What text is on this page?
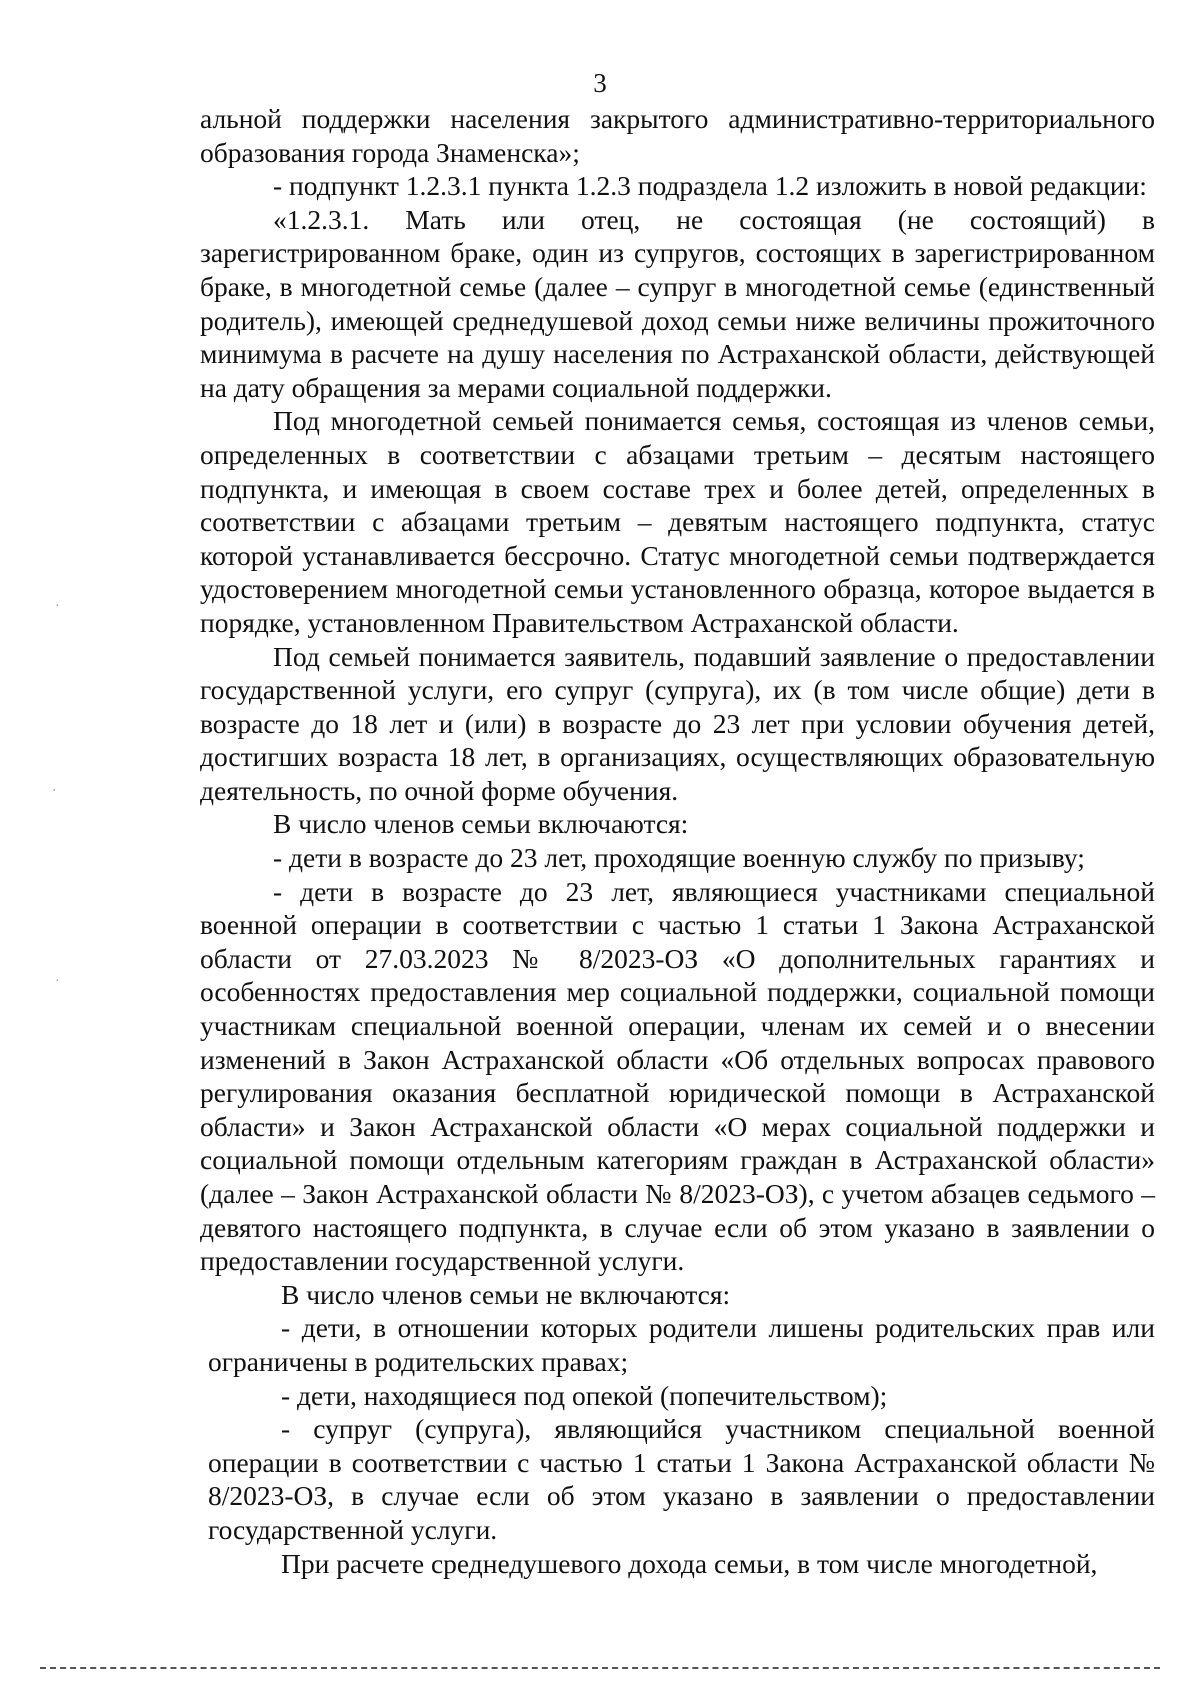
3

альной поддержки населения закрытого административно-территориального образования города Знаменска»;

- подпункт 1.2.3.1 пункта 1.2.3 подраздела 1.2 изложить в новой редакции:

«1.2.3.1. Мать или отец, не состоящая (не состоящий) в зарегистрированном браке, один из супругов, состоящих в зарегистрированном браке, в многодетной семье (далее – супруг в многодетной семье (единственный родитель), имеющей среднедушевой доход семьи ниже величины прожиточного минимума в расчете на душу населения по Астраханской области, действующей на дату обращения за мерами социальной поддержки.

Под многодетной семьей понимается семья, состоящая из членов семьи, определенных в соответствии с абзацами третьим – десятым настоящего подпункта, и имеющая в своем составе трех и более детей, определенных в соответствии с абзацами третьим – девятым настоящего подпункта, статус которой устанавливается бессрочно. Статус многодетной семьи подтверждается удостоверением многодетной семьи установленного образца, которое выдается в порядке, установленном Правительством Астраханской области.

Под семьей понимается заявитель, подавший заявление о предоставлении государственной услуги, его супруг (супруга), их (в том числе общие) дети в возрасте до 18 лет и (или) в возрасте до 23 лет при условии обучения детей, достигших возраста 18 лет, в организациях, осуществляющих образовательную деятельность, по очной форме обучения.

В число членов семьи включаются:

- дети в возрасте до 23 лет, проходящие военную службу по призыву;

- дети в возрасте до 23 лет, являющиеся участниками специальной военной операции в соответствии с частью 1 статьи 1 Закона Астраханской области от 27.03.2023 № 8/2023-ОЗ «О дополнительных гарантиях и особенностях предоставления мер социальной поддержки, социальной помощи участникам специальной военной операции, членам их семей и о внесении изменений в Закон Астраханской области «Об отдельных вопросах правового регулирования оказания бесплатной юридической помощи в Астраханской области» и Закон Астраханской области «О мерах социальной поддержки и социальной помощи отдельным категориям граждан в Астраханской области» (далее – Закон Астраханской области № 8/2023-ОЗ), с учетом абзацев седьмого – девятого настоящего подпункта, в случае если об этом указано в заявлении о предоставлении государственной услуги.

В число членов семьи не включаются:

- дети, в отношении которых родители лишены родительских прав или ограничены в родительских правах;

- дети, находящиеся под опекой (попечительством);

- супруг (супруга), являющийся участником специальной военной операции в соответствии с частью 1 статьи 1 Закона Астраханской области № 8/2023-ОЗ, в случае если об этом указано в заявлении о предоставлении государственной услуги.

При расчете среднедушевого дохода семьи, в том числе многодетной,

·
‧
·
